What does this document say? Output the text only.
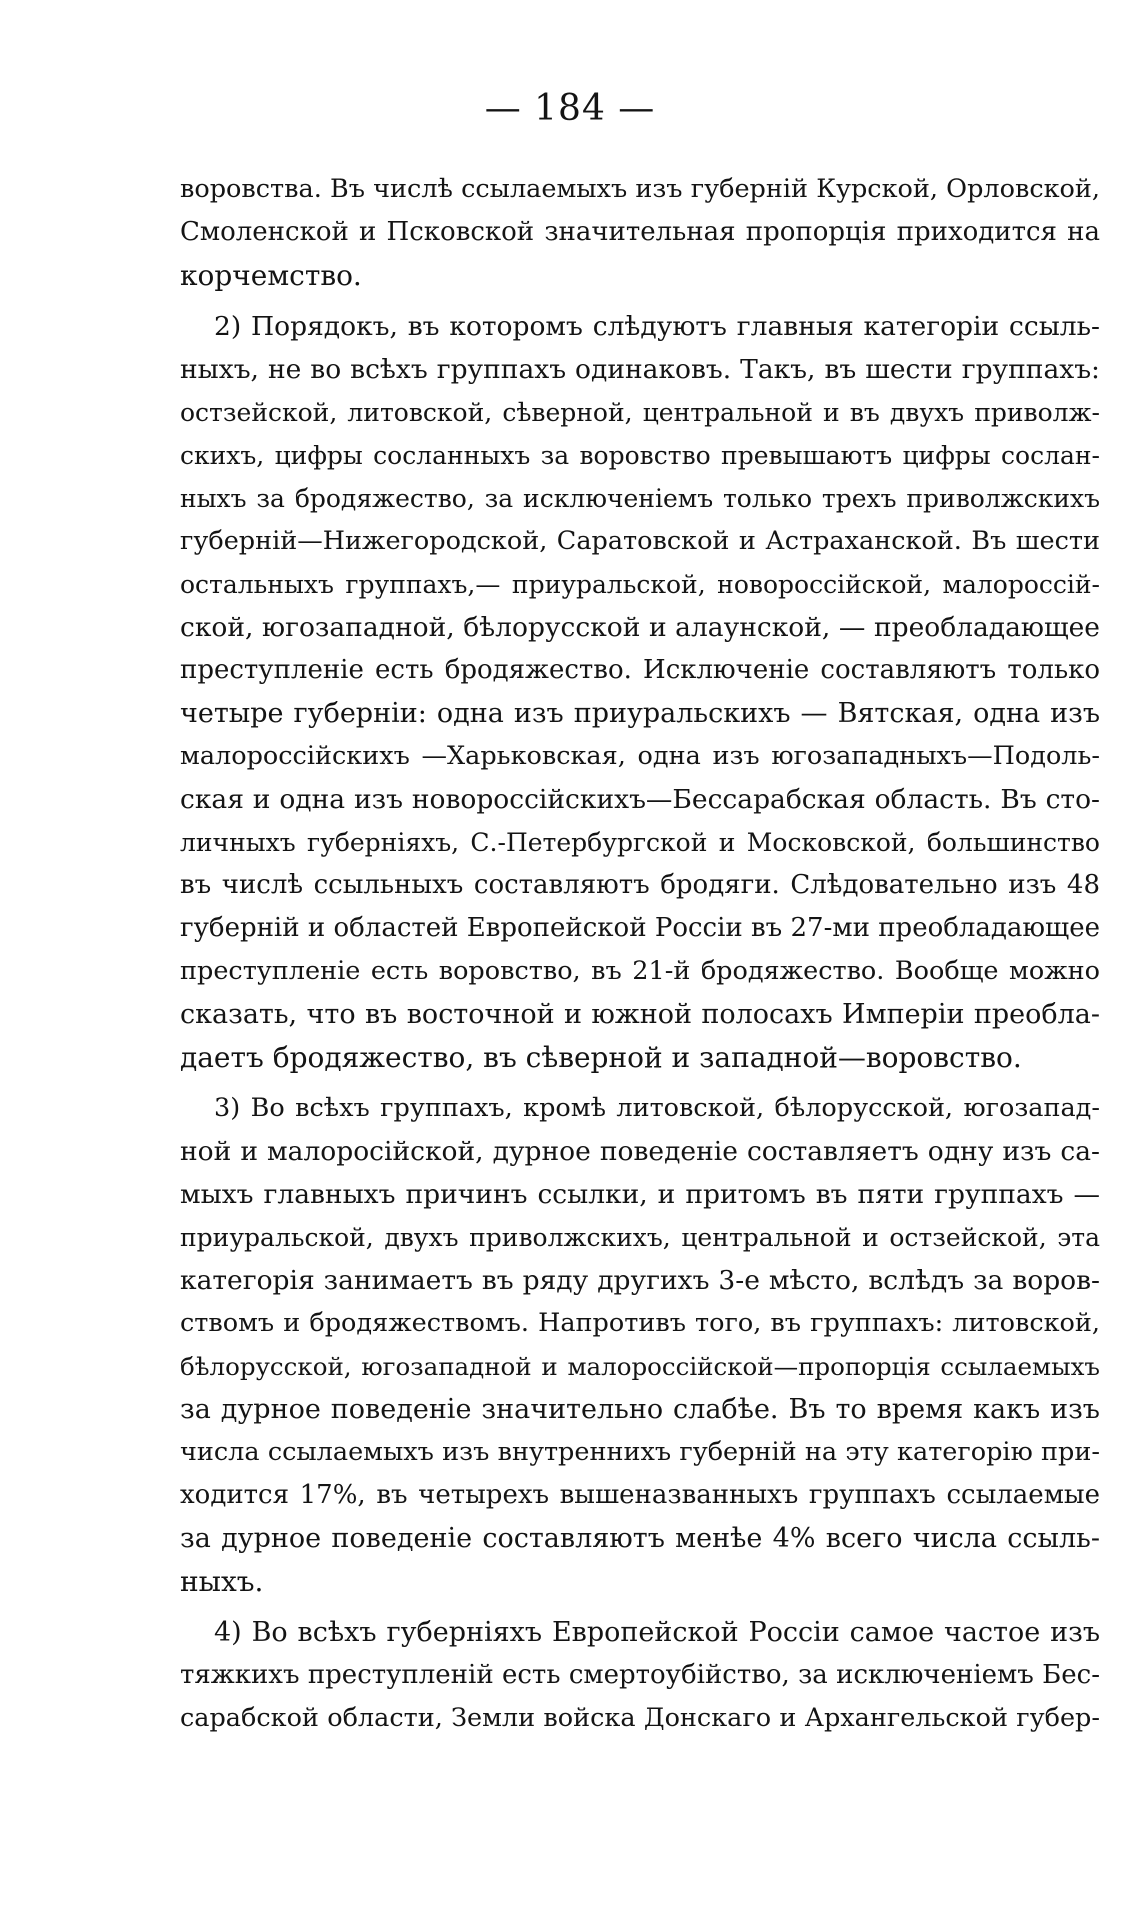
— 184 —
воровства. Въ числѣ ссылаемыхъ изъ губерній Курской, Орловской,
Смоленской и Псковской значительная пропорція приходится на
корчемство.
2) Порядокъ, въ которомъ слѣдуютъ главныя категоріи ссыль-
ныхъ, не во всѣхъ группахъ одинаковъ. Такъ, въ шести группахъ:
остзейской, литовской, сѣверной, центральной и въ двухъ приволж-
скихъ, цифры сосланныхъ за воровство превышаютъ цифры сослан-
ныхъ за бродяжество, за исключеніемъ только трехъ приволжскихъ
губерній—Нижегородской, Саратовской и Астраханской. Въ шести
остальныхъ группахъ,— приуральской, новороссійской, малороссій-
ской, югозападной, бѣлорусской и алаунской, — преобладающее
преступленіе есть бродяжество. Исключеніе составляютъ только
четыре губерніи: одна изъ приуральскихъ — Вятская, одна изъ
малороссійскихъ —Харьковская, одна изъ югозападныхъ—Подоль-
ская и одна изъ новороссійскихъ—Бессарабская область. Въ сто-
личныхъ губерніяхъ, С.-Петербургской и Московской, большинство
въ числѣ ссыльныхъ составляютъ бродяги. Слѣдовательно изъ 48
губерній и областей Европейской Россіи въ 27-ми преобладающее
преступленіе есть воровство, въ 21-й бродяжество. Вообще можно
сказать, что въ восточной и южной полосахъ Имперіи преобла-
даетъ бродяжество, въ сѣверной и западной—воровство.
3) Во всѣхъ группахъ, кромѣ литовской, бѣлорусской, югозапад-
ной и малоросійской, дурное поведеніе составляетъ одну изъ са-
мыхъ главныхъ причинъ ссылки, и притомъ въ пяти группахъ —
приуральской, двухъ приволжскихъ, центральной и остзейской, эта
категорія занимаетъ въ ряду другихъ 3-е мѣсто, вслѣдъ за воров-
ствомъ и бродяжествомъ. Напротивъ того, въ группахъ: литовской,
бѣлорусской, югозападной и малороссійской—пропорція ссылаемыхъ
за дурное поведеніе значительно слабѣе. Въ то время какъ изъ
числа ссылаемыхъ изъ внутреннихъ губерній на эту категорію при-
ходится 17%, въ четырехъ вышеназванныхъ группахъ ссылаемые
за дурное поведеніе составляютъ менѣе 4% всего числа ссыль-
ныхъ.
4) Во всѣхъ губерніяхъ Европейской Россіи самое частое изъ
тяжкихъ преступленій есть смертоубійство, за исключеніемъ Бес-
сарабской области, Земли войска Донскаго и Архангельской губер-
